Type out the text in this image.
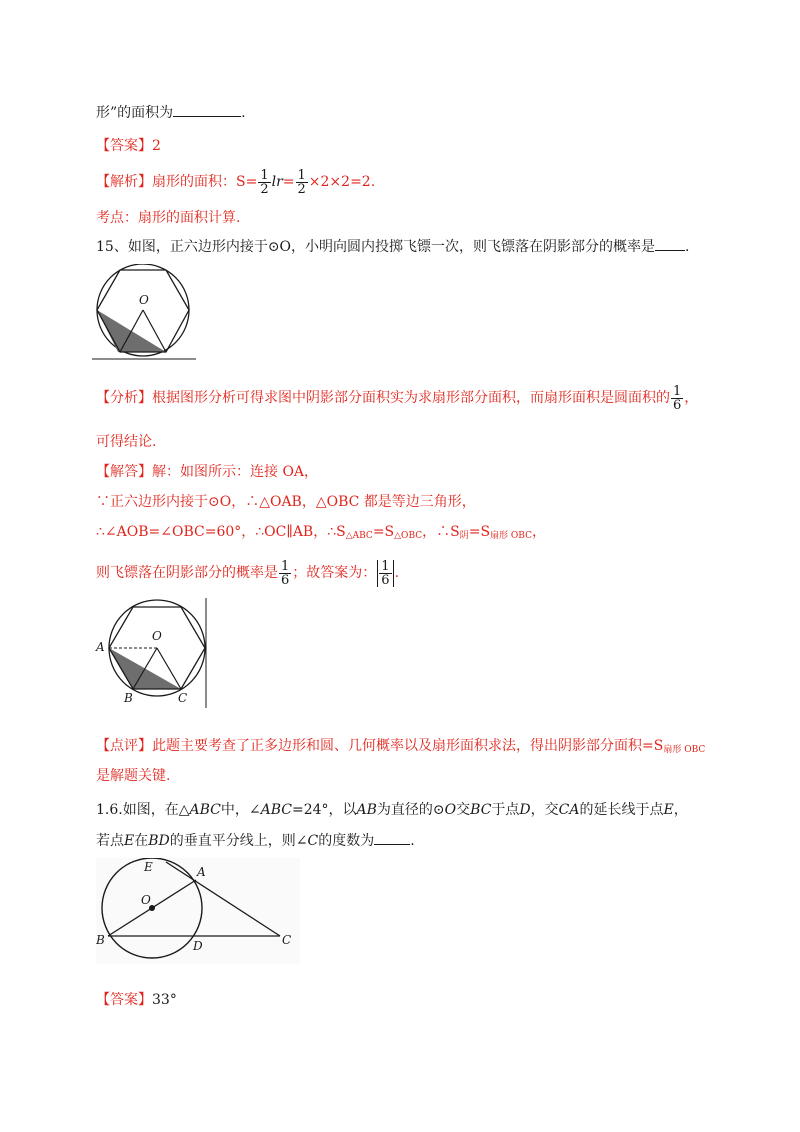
形”的面积为	.
【答案】2
【解析】扇形的面积：$S= \frac{1}{2} lr= \frac{1}{2} \times 2\times 2=2$.
考点：扇形的面积计算.
15、如图，正六边形内接于⊙O，小明向圆内投掷飞镖一次，则飞镖落在阴影部分的概率是 .
O
【分析】根据图形分析可得求图中阴影部分面积实为求扇形部分面积，而扇形面积是圆面积的 $\frac{1}{6}$ ，
可得结论.
【解答】解：如图所示：连接 OA，
∵正六边形内接于⊙O，∴△OAB，△OBC 都是等边三角形，
∴∠AOB=∠OBC=60°，∴OC∥AB，$\therefore S_{\triangle ABC}=S_{\triangle OBC}$，$\therefore S_阴=S_{扇形 OBC}$，
则飞镖落在阴影部分的概率是 $\frac{1}{6}$ ；故答案为： $\frac{1}{6}$ .
A
O
B	C
【点评】此题主要考查了正多边形和圆、几何概率以及扇形面积求法，得出阴影部分面积$=S_{扇形 OBC}$
是解题关键.
1.6.如图，在△ABC中，∠ABC=24°，以AB为直径的⊙O交BC于点D，交CA的延长线于点E，
若点E在BD的垂直平分线上，则∠C的度数为	.
E	A
O
B	D	C
【答案】33°
